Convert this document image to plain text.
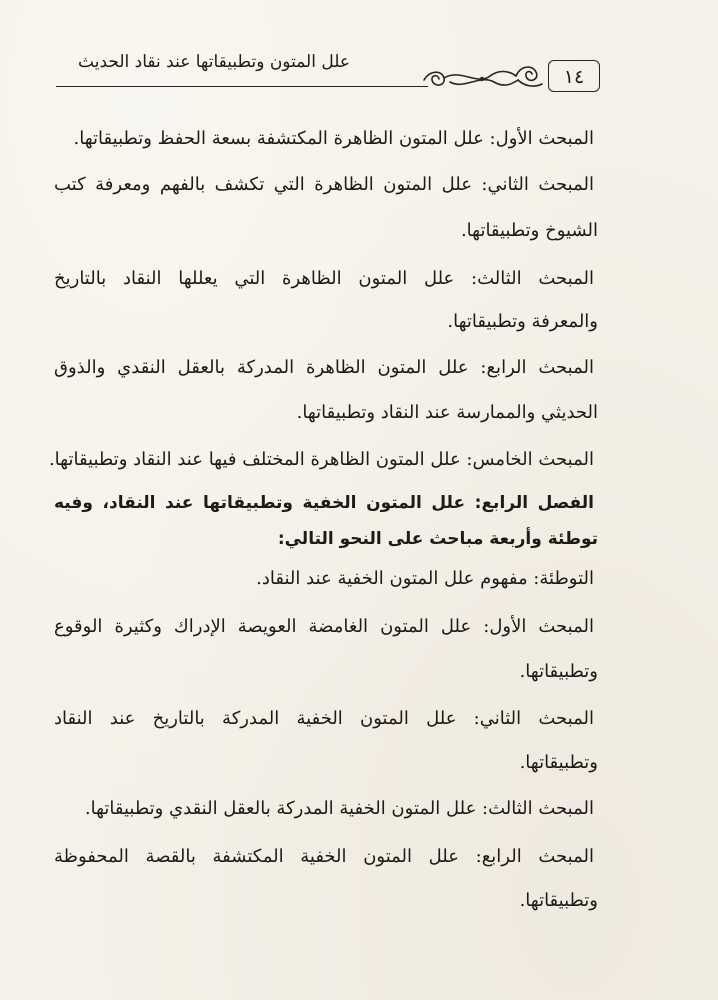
علل المتون وتطبيقاتها عند نقاد الحديث
١٤
المبحث الأول: علل المتون الظاهرة المكتشفة بسعة الحفظ وتطبيقاتها.
المبحث الثاني: علل المتون الظاهرة التي تكشف بالفهم ومعرفة كتب
الشيوخ وتطبيقاتها.
المبحث الثالث: علل المتون الظاهرة التي يعللها النقاد بالتاريخ
والمعرفة وتطبيقاتها.
المبحث الرابع: علل المتون الظاهرة المدركة بالعقل النقدي والذوق
الحديثي والممارسة عند النقاد وتطبيقاتها.
المبحث الخامس: علل المتون الظاهرة المختلف فيها عند النقاد وتطبيقاتها.
الفصل الرابع: علل المتون الخفية وتطبيقاتها عند النقاد، وفيه
توطئة وأربعة مباحث على النحو التالي:
التوطئة: مفهوم علل المتون الخفية عند النقاد.
المبحث الأول: علل المتون الغامضة العويصة الإدراك وكثيرة الوقوع
وتطبيقاتها.
المبحث الثاني: علل المتون الخفية المدركة بالتاريخ عند النقاد
وتطبيقاتها.
المبحث الثالث: علل المتون الخفية المدركة بالعقل النقدي وتطبيقاتها.
المبحث الرابع: علل المتون الخفية المكتشفة بالقصة المحفوظة
وتطبيقاتها.
